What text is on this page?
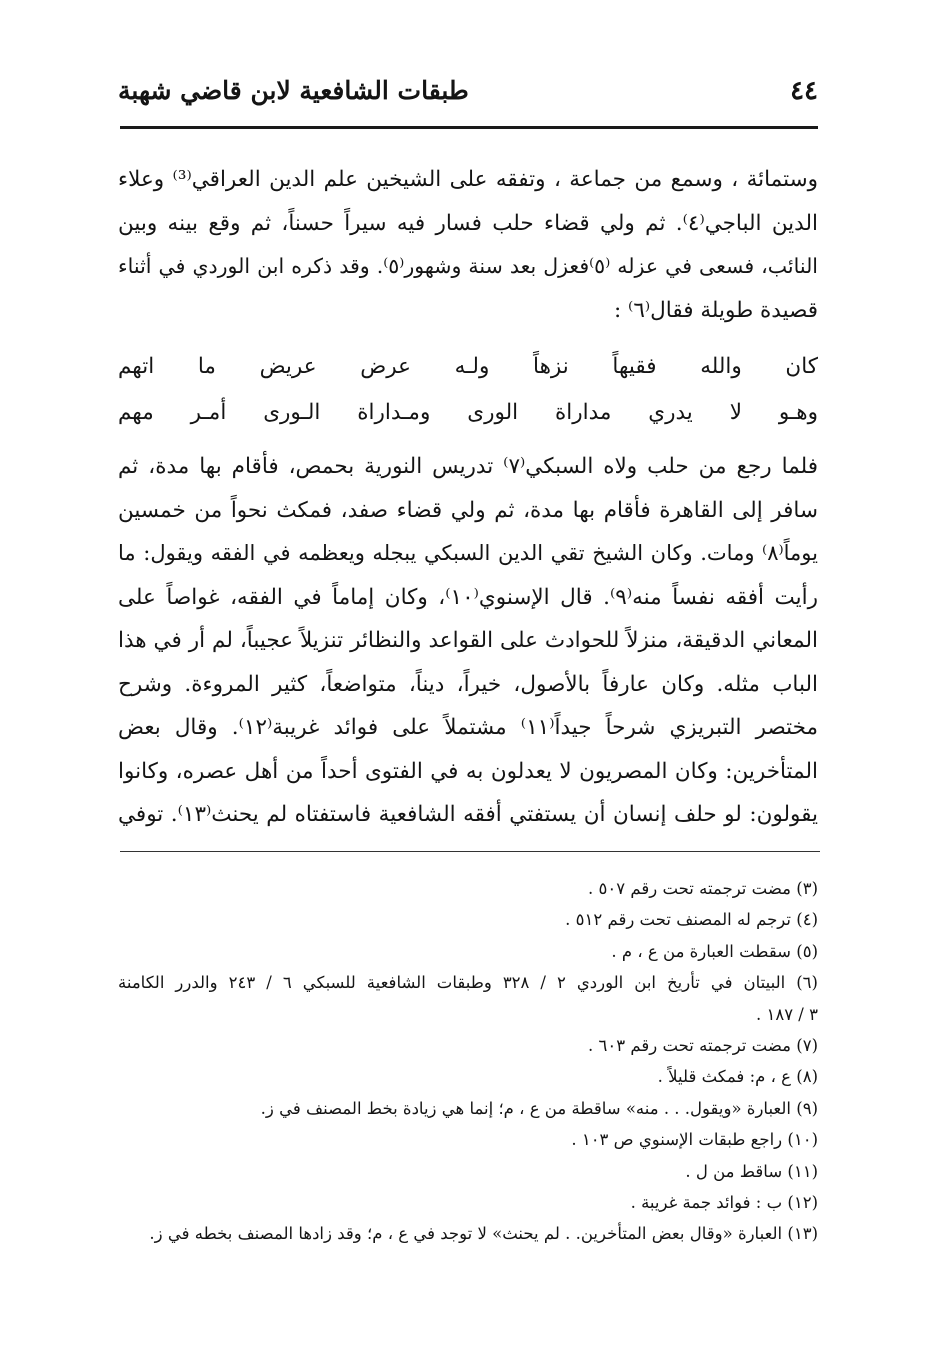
٤٤
طبقات الشافعية لابن قاضي شهبة
وستمائة ، وسمع من جماعة ، وتفقه على الشيخين علم الدين العراقي⁽³⁾ وعلاء
الدين الباجي⁽٤⁾. ثم ولي قضاء حلب فسار فيه سيراً حسناً، ثم وقع بينه وبين
النائب، فسعى في عزله ⁽٥⁾فعزل بعد سنة وشهور⁽٥⁾. وقد ذكره ابن الوردي في أثناء
قصيدة طويلة فقال⁽٦⁾ :
كان والله فقيهاً نزهاً ولـه عرض عريض ما اتهم
وهـو لا يدري مداراة الورى ومـداراة الـورى أمـر مهم
فلما رجع من حلب ولاه السبكي⁽٧⁾ تدريس النورية بحمص، فأقام بها مدة، ثم
سافر إلى القاهرة فأقام بها مدة، ثم ولي قضاء صفد، فمكث نحواً من خمسين
يوماً⁽٨⁾ ومات. وكان الشيخ تقي الدين السبكي يبجله ويعظمه في الفقه ويقول: ما
رأيت أفقه نفساً منه⁽٩⁾. قال الإسنوي⁽١٠⁾، وكان إماماً في الفقه، غواصاً على
المعاني الدقيقة، منزلاً للحوادث على القواعد والنظائر تنزيلاً عجيباً، لم أر في هذا
الباب مثله. وكان عارفاً بالأصول، خيراً، ديناً، متواضعاً، كثير المروءة. وشرح
مختصر التبريزي شرحاً جيداً⁽١١⁾ مشتملاً على فوائد غريبة⁽١٢⁾. وقال بعض
المتأخرين: وكان المصريون لا يعدلون به في الفتوى أحداً من أهل عصره، وكانوا
يقولون: لو حلف إنسان أن يستفتي أفقه الشافعية فاستفتاه لم يحنث⁽١٣⁾. توفي
(٣) مضت ترجمته تحت رقم ٥٠٧ .
(٤) ترجم له المصنف تحت رقم ٥١٢ .
(٥) سقطت العبارة من ع ، م .
(٦) البيتان في تأريخ ابن الوردي ٢ / ٣٢٨ وطبقات الشافعية للسبكي ٦ / ٢٤٣ والدرر الكامنة
٣ / ١٨٧ .
(٧) مضت ترجمته تحت رقم ٦٠٣ .
(٨) ع ، م: فمكث قليلاً .
(٩) العبارة «ويقول. . . منه» ساقطة من ع ، م؛ إنما هي زيادة بخط المصنف في ز.
(١٠) راجع طبقات الإسنوي ص ١٠٣ .
(١١) ساقط من ل .
(١٢) ب : فوائد جمة غريبة .
(١٣) العبارة «وقال بعض المتأخرين. . لم يحنث» لا توجد في ع ، م؛ وقد زادها المصنف بخطه في ز.
